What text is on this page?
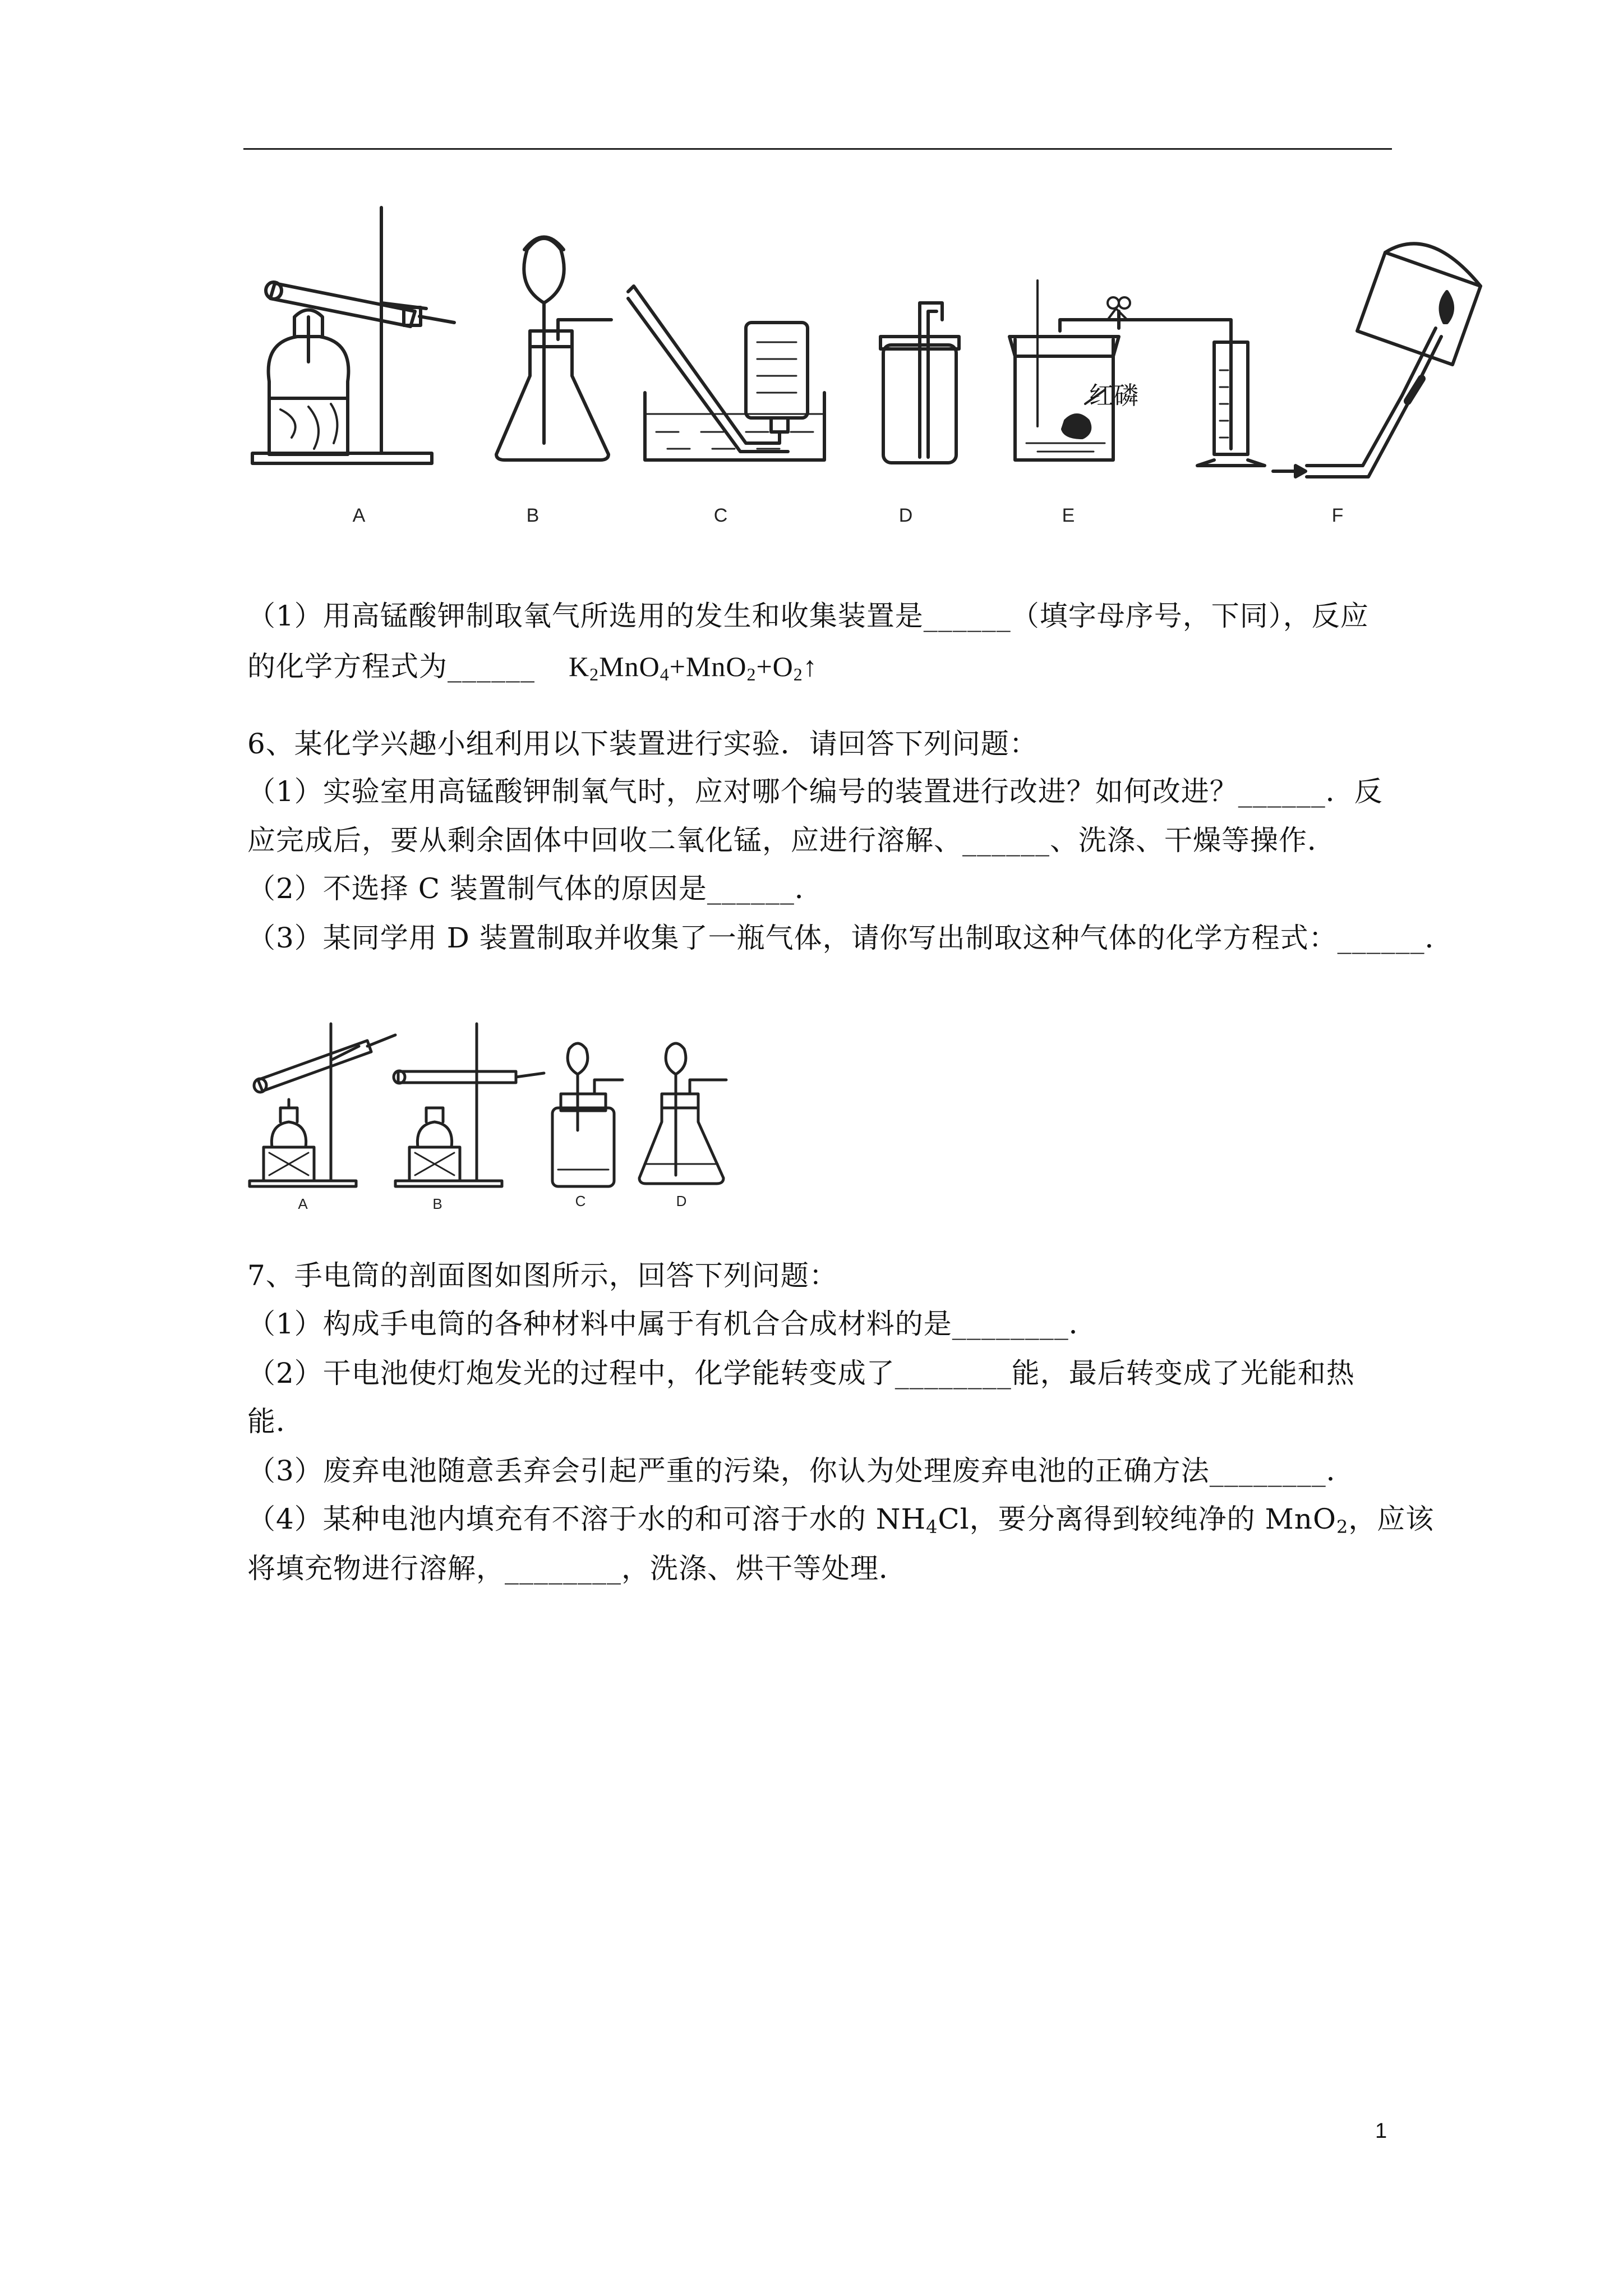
A	B	C	D	E	F
红磷
（1）用高锰酸钾制取氧气所选用的发生和收集装置是______（填字母序号，下同），反应
的化学方程式为______ $K_2MnO_4+MnO_2+O_2↑$
6、某化学兴趣小组利用以下装置进行实验．请回答下列问题：
（1）实验室用高锰酸钾制氧气时，应对哪个编号的装置进行改进？如何改进？______．反
应完成后，要从剩余固体中回收二氧化锰，应进行溶解、______、洗涤、干燥等操作．
（2）不选择 C 装置制气体的原因是______．
（3）某同学用 D 装置制取并收集了一瓶气体，请你写出制取这种气体的化学方程式：______．
A	B	C	D
7、手电筒的剖面图如图所示，回答下列问题：
（1）构成手电筒的各种材料中属于有机合合成材料的是________．
（2）干电池使灯炮发光的过程中，化学能转变成了________能，最后转变成了光能和热
能．
（3）废弃电池随意丢弃会引起严重的污染，你认为处理废弃电池的正确方法________．
（4）某种电池内填充有不溶于水的和可溶于水的 $NH_4Cl$，要分离得到较纯净的 MnO$_2$，应该
将填充物进行溶解，________，洗涤、烘干等处理．
1
